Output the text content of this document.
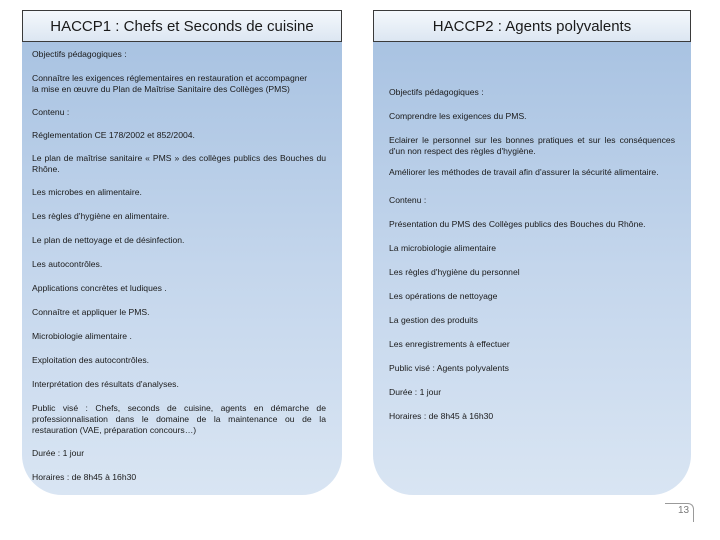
HACCP1 : Chefs et Seconds de cuisine	HACCP2 : Agents polyvalents
Objectifs pédagogiques :
Connaître les exigences réglementaires en restauration et accompagner
la mise en œuvre du Plan de Maîtrise Sanitaire des Collèges (PMS)
Contenu :
Réglementation CE 178/2002 et 852/2004.
Le plan de maîtrise sanitaire « PMS » des collèges publics des Bouches du Rhône.
Les microbes en alimentaire.
Les règles d'hygiène en alimentaire.
Le plan de nettoyage et de désinfection.
Les autocontrôles.
Applications concrètes et ludiques .
Connaître et appliquer le PMS.
Microbiologie alimentaire .
Exploitation des autocontrôles.
Interprétation des résultats d'analyses.
Public visé : Chefs, seconds de cuisine, agents en démarche de professionnalisation dans le domaine de la maintenance ou de la restauration (VAE, préparation concours…)
Durée : 1 jour
Horaires : de 8h45 à 16h30
Objectifs pédagogiques :
Comprendre les exigences du PMS.
Eclairer le personnel sur les bonnes pratiques et sur les conséquences d'un non respect des règles d'hygiène.
Améliorer les méthodes de travail afin d'assurer la sécurité alimentaire.
Contenu :
Présentation du PMS des Collèges publics des Bouches du Rhône.
La microbiologie alimentaire
Les règles d'hygiène du personnel
Les opérations de nettoyage
La gestion des produits
Les enregistrements à effectuer
Public visé : Agents polyvalents
Durée : 1 jour
Horaires : de 8h45 à 16h30
13
